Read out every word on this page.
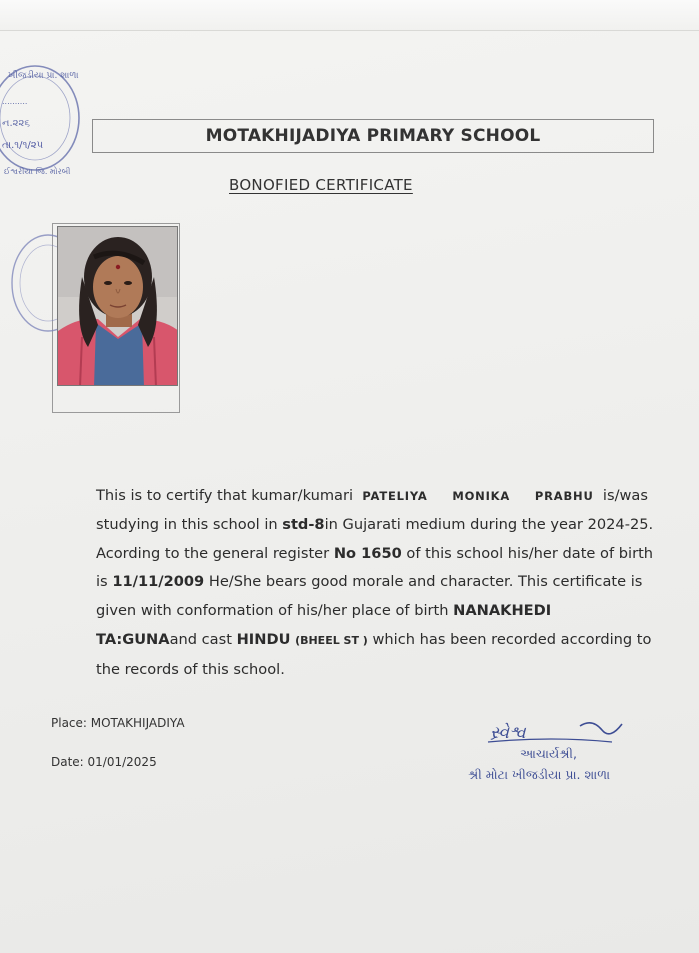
ખીજડીયા પ્રા. શાળા
..........
ન.૨૨૬
તા.૧/૧/૨૫
ઈશ્વરીયા જિ. મોરબી
MOTAKHIJADIYA PRIMARY SCHOOL
BONOFIED CERTIFICATE
This is to certify that kumar/kumari PATELIYA MONIKA PRABHU is/was studying in this school in std-8in Gujarati medium during the year 2024-25. Acording to the general register No 1650 of this school his/her date of birth is 11/11/2009 He/She bears good morale and character. This certificate is given with conformation of his/her place of birth NANAKHEDI TA:GUNAand cast HINDU (BHEEL ST ) which has been recorded according to the records of this school.
Place: MOTAKHIJADIYA
Date: 01/01/2025
સ્ર્વેશ્વ
આચાર્યશ્રી,
શ્રી મોટા ખીજડીયા પ્રા. શાળા
